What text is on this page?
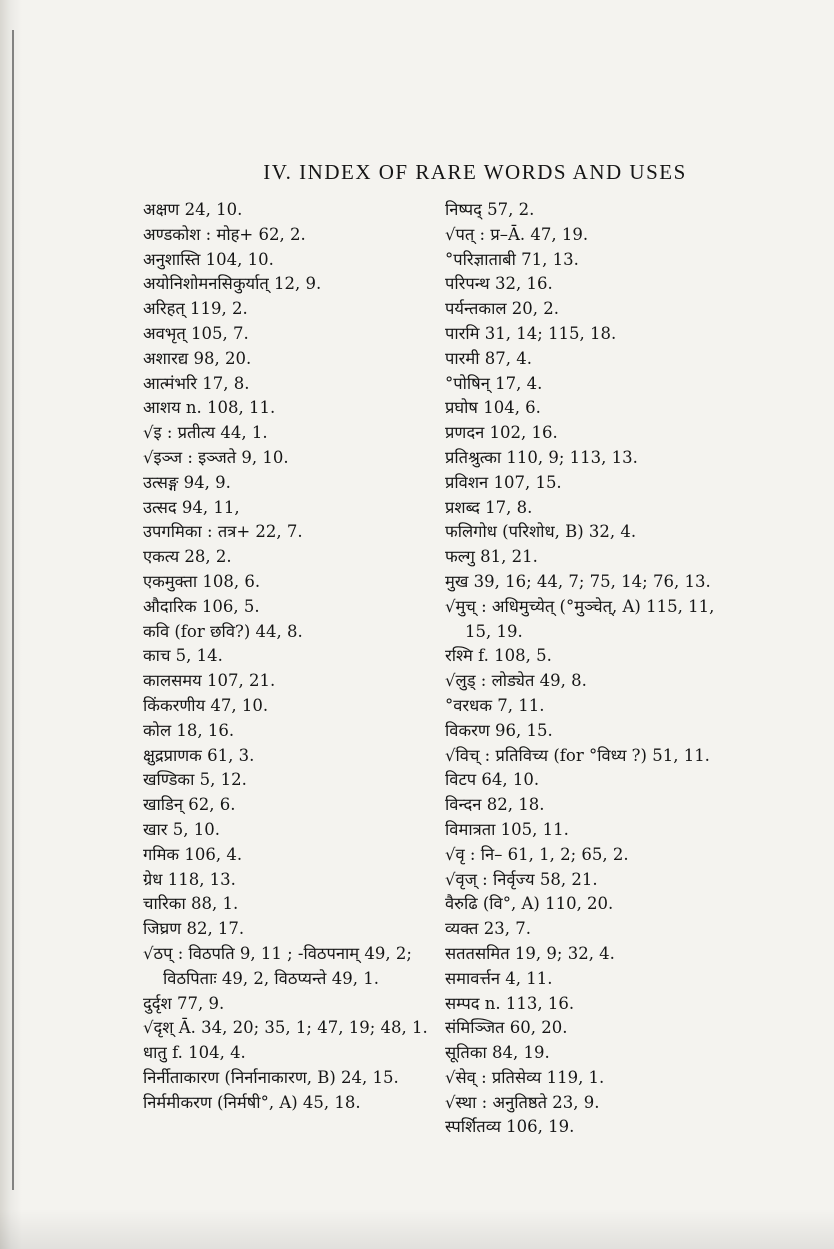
IV. INDEX OF RARE WORDS AND USES
अक्षण 24, 10.
अण्डकोश : मोह+ 62, 2.
अनुशास्ति 104, 10.
अयोनिशोमनसिकुर्यात् 12, 9.
अरिहत् 119, 2.
अवभृत् 105, 7.
अशारद्य 98, 20.
आत्मंभरि 17, 8.
आशय n. 108, 11.
√इ : प्रतीत्य 44, 1.
√इञ्ज : इञ्जते 9, 10.
उत्सङ्ग 94, 9.
उत्सद 94, 11,
उपगमिका : तत्र+ 22, 7.
एकत्य 28, 2.
एकमुक्ता 108, 6.
औदारिक 106, 5.
कवि (for छवि?) 44, 8.
काच 5, 14.
कालसमय 107, 21.
किंकरणीय 47, 10.
कोल 18, 16.
क्षुद्रप्राणक 61, 3.
खण्डिका 5, 12.
खाडिन् 62, 6.
खार 5, 10.
गमिक 106, 4.
ग्रेध 118, 13.
चारिका 88, 1.
जिघ्रण 82, 17.
√ठप् : विठपति 9, 11 ; -विठपनाम् 49, 2; विठपिताः 49, 2, विठप्यन्ते 49, 1.
दुर्दृश 77, 9.
√दृश् Ā. 34, 20; 35, 1; 47, 19; 48, 1.
धातु f. 104, 4.
निर्नीताकारण (निर्नानाकारण, B) 24, 15.
निर्ममीकरण (निर्मषी°, A) 45, 18.
निष्पद् 57, 2.
√पत् : प्र–Ā. 47, 19.
°परिज्ञाताबी 71, 13.
परिपन्थ 32, 16.
पर्यन्तकाल 20, 2.
पारमि 31, 14; 115, 18.
पारमी 87, 4.
°पोषिन् 17, 4.
प्रघोष 104, 6.
प्रणदन 102, 16.
प्रतिश्रुत्का 110, 9; 113, 13.
प्रविशन 107, 15.
प्रशब्द 17, 8.
फलिगोध (परिशोध, B) 32, 4.
फल्गु 81, 21.
मुख 39, 16; 44, 7; 75, 14; 76, 13.
√मुच् : अधिमुच्येत् (°मुञ्चेत्, A) 115, 11, 15, 19.
रश्मि f. 108, 5.
√लुड् : लोड्येत 49, 8.
°वरधक 7, 11.
विकरण 96, 15.
√विच् : प्रतिविच्य (for °विध्य ?) 51, 11.
विटप 64, 10.
विन्दन 82, 18.
विमात्रता 105, 11.
√वृ : नि– 61, 1, 2; 65, 2.
√वृज् : निर्वृज्य 58, 21.
वैरुढि (वि°, A) 110, 20.
व्यक्त 23, 7.
सततसमित 19, 9; 32, 4.
समावर्त्तन 4, 11.
सम्पद n. 113, 16.
संमिञ्जित 60, 20.
सूतिका 84, 19.
√सेव् : प्रतिसेव्य 119, 1.
√स्था : अनुतिष्ठते 23, 9.
स्पर्शितव्य 106, 19.
